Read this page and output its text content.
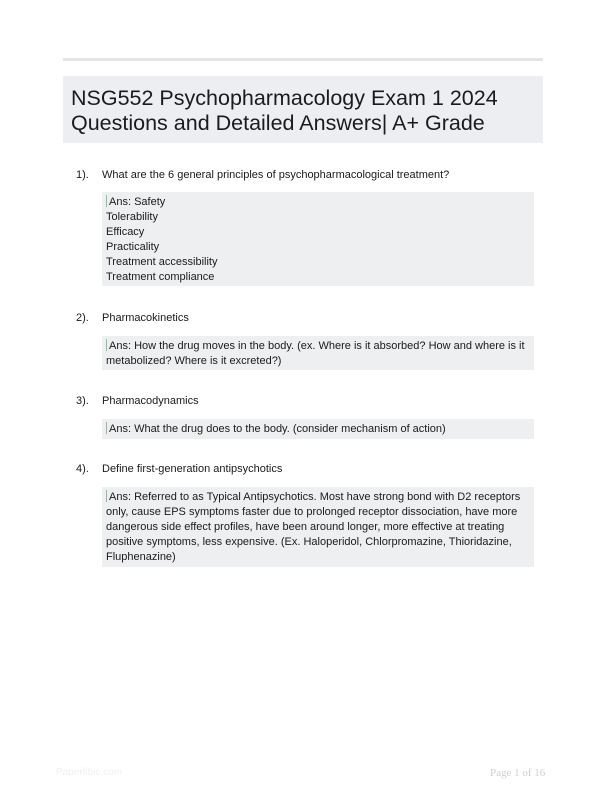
NSG552 Psychopharmacology Exam 1 2024 Questions and Detailed Answers| A+ Grade
1). What are the 6 general principles of psychopharmacological treatment?
Ans: Safety
Tolerability
Efficacy
Practicality
Treatment accessibility
Treatment compliance
2). Pharmacokinetics
Ans: How the drug moves in the body. (ex. Where is it absorbed? How and where is it
metabolized? Where is it excreted?)
3). Pharmacodynamics
Ans: What the drug does to the body. (consider mechanism of action)
4). Define first-generation antipsychotics
Ans: Referred to as Typical Antipsychotics. Most have strong bond with D2 receptors
only, cause EPS symptoms faster due to prolonged receptor dissociation, have more
dangerous side effect profiles, have been around longer, more effective at treating
positive symptoms, less expensive. (Ex. Haloperidol, Chlorpromazine, Thioridazine,
Fluphenazine)
Paperfibic.com	Page 1 of 16
